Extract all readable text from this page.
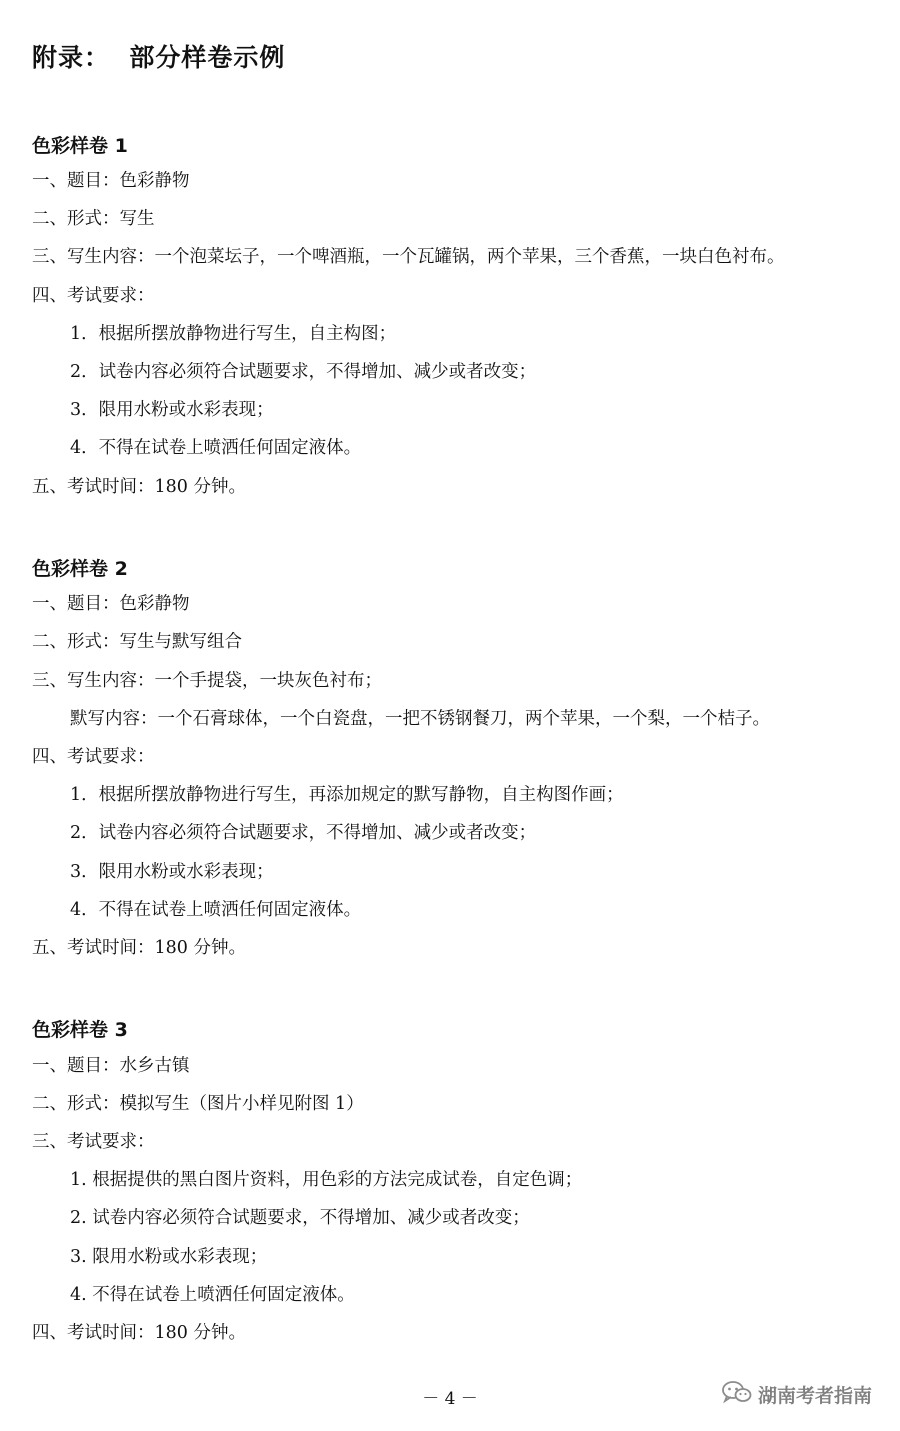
附录：  部分样卷示例
色彩样卷 1
一、题目：色彩静物
二、形式：写生
三、写生内容：一个泡菜坛子，一个啤酒瓶，一个瓦罐锅，两个苹果，三个香蕉，一块白色衬布。
四、考试要求：
1．根据所摆放静物进行写生，自主构图；
2．试卷内容必须符合试题要求，不得增加、减少或者改变；
3．限用水粉或水彩表现；
4．不得在试卷上喷洒任何固定液体。
五、考试时间：180 分钟。
色彩样卷 2
一、题目：色彩静物
二、形式：写生与默写组合
三、写生内容：一个手提袋，一块灰色衬布；
默写内容：一个石膏球体，一个白瓷盘，一把不锈钢餐刀，两个苹果，一个梨，一个桔子。
四、考试要求：
1．根据所摆放静物进行写生，再添加规定的默写静物，自主构图作画；
2．试卷内容必须符合试题要求，不得增加、减少或者改变；
3．限用水粉或水彩表现；
4．不得在试卷上喷洒任何固定液体。
五、考试时间：180 分钟。
色彩样卷 3
一、题目：水乡古镇
二、形式：模拟写生（图片小样见附图 1）
三、考试要求：
1. 根据提供的黑白图片资料，用色彩的方法完成试卷，自定色调；
2. 试卷内容必须符合试题要求，不得增加、减少或者改变；
3. 限用水粉或水彩表现；
4. 不得在试卷上喷洒任何固定液体。
四、考试时间：180 分钟。
－ 4 －	湖南考者指南
